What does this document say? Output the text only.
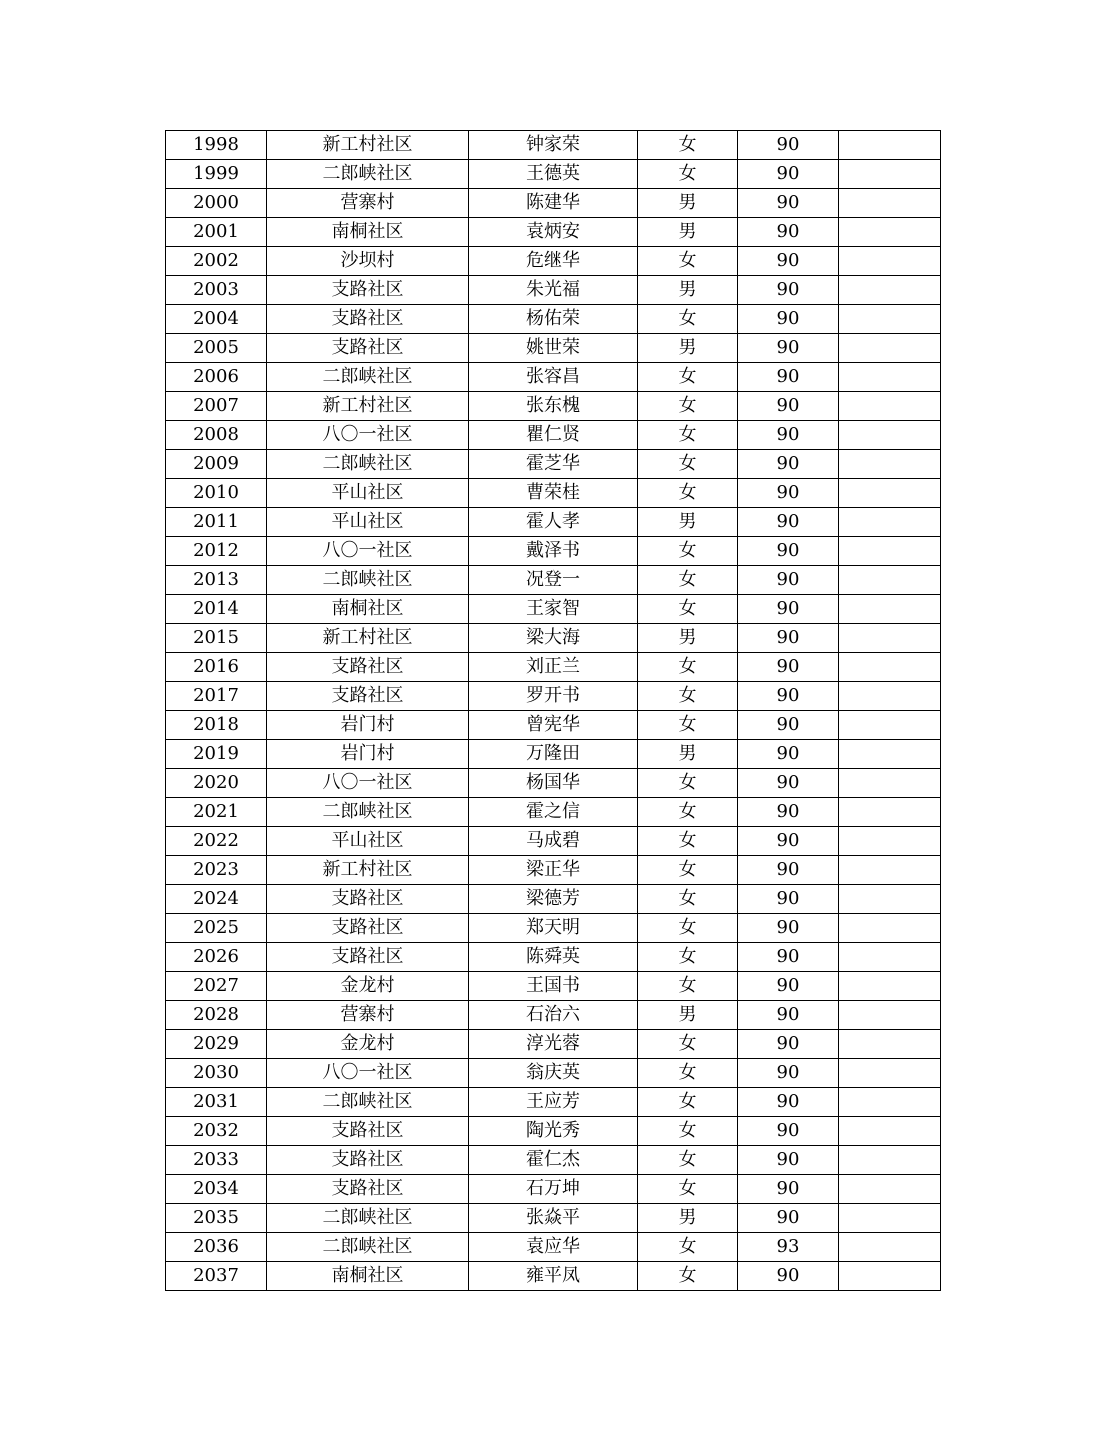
1998	新工村社区	钟家荣	女	90	
1999	二郎峡社区	王德英	女	90	
2000	营寨村	陈建华	男	90	
2001	南桐社区	袁炳安	男	90	
2002	沙坝村	危继华	女	90	
2003	支路社区	朱光福	男	90	
2004	支路社区	杨佑荣	女	90	
2005	支路社区	姚世荣	男	90	
2006	二郎峡社区	张容昌	女	90	
2007	新工村社区	张东槐	女	90	
2008	八〇一社区	瞿仁贤	女	90	
2009	二郎峡社区	霍芝华	女	90	
2010	平山社区	曹荣桂	女	90	
2011	平山社区	霍人孝	男	90	
2012	八〇一社区	戴泽书	女	90	
2013	二郎峡社区	况登一	女	90	
2014	南桐社区	王家智	女	90	
2015	新工村社区	梁大海	男	90	
2016	支路社区	刘正兰	女	90	
2017	支路社区	罗开书	女	90	
2018	岩门村	曾宪华	女	90	
2019	岩门村	万隆田	男	90	
2020	八〇一社区	杨国华	女	90	
2021	二郎峡社区	霍之信	女	90	
2022	平山社区	马成碧	女	90	
2023	新工村社区	梁正华	女	90	
2024	支路社区	梁德芳	女	90	
2025	支路社区	郑天明	女	90	
2026	支路社区	陈舜英	女	90	
2027	金龙村	王国书	女	90	
2028	营寨村	石治六	男	90	
2029	金龙村	淳光蓉	女	90	
2030	八〇一社区	翁庆英	女	90	
2031	二郎峡社区	王应芳	女	90	
2032	支路社区	陶光秀	女	90	
2033	支路社区	霍仁杰	女	90	
2034	支路社区	石万坤	女	90	
2035	二郎峡社区	张焱平	男	90	
2036	二郎峡社区	袁应华	女	93	
2037	南桐社区	雍平凤	女	90	
